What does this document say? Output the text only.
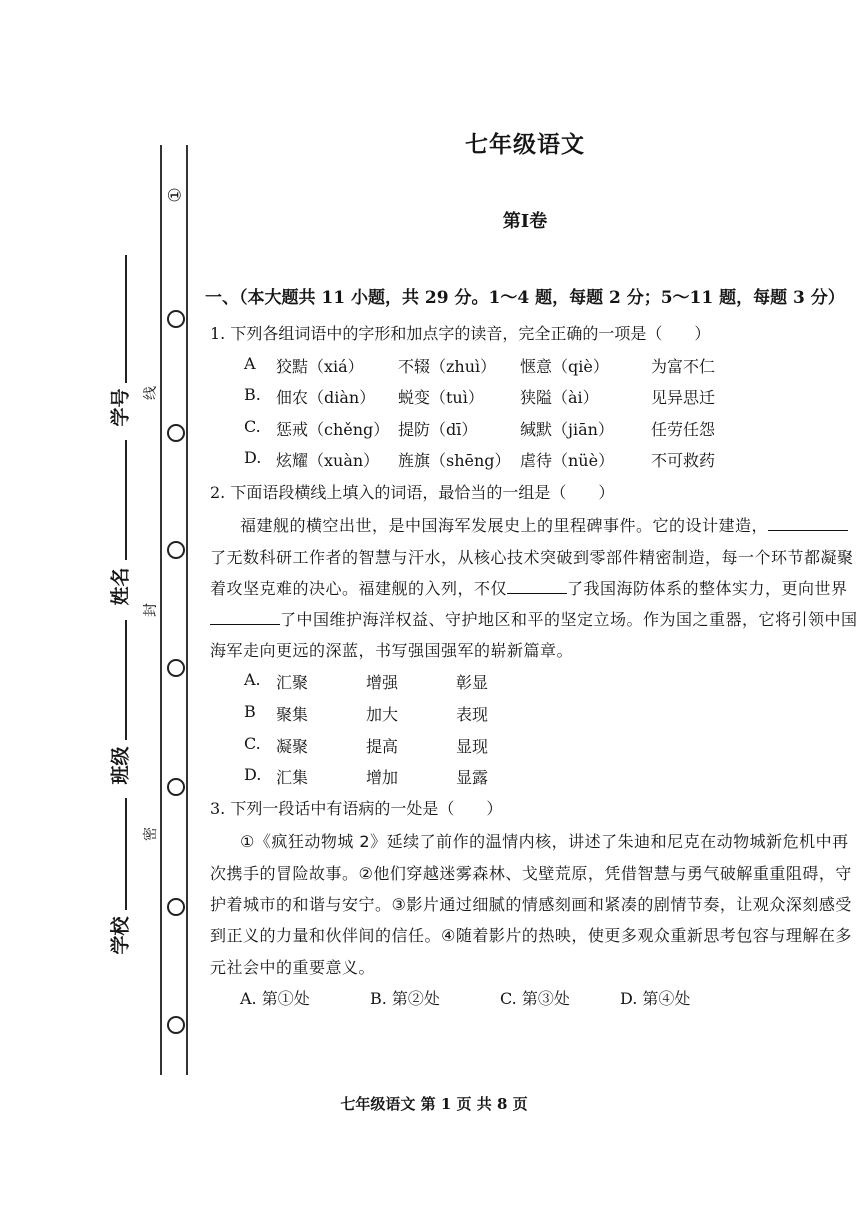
①
线
封
密
学号
姓名
班级
学校
七年级语文
第Ⅰ卷
一、（本大题共 11 小题，共 29 分。1～4 题，每题 2 分；5～11 题，每题 3 分）
1. 下列各组词语中的字形和加点字的读音，完全正确的一项是（　　）
A 狡黠（xiá） 不辍（zhuì） 惬意（qiè）	为富不仁
B. 佃农（diàn） 蜕变（tuì） 狭隘（ài）	见异思迁
C. 惩戒（chěng） 提防（dī）	缄默（jiān） 任劳任怨
D. 炫耀（xuàn） 旌旗（shēng） 虐待（nüè） 不可救药
2. 下面语段横线上填入的词语，最恰当的一组是（　　）
福建舰的横空出世，是中国海军发展史上的里程碑事件。它的设计建造，
了无数科研工作者的智慧与汗水，从核心技术突破到零部件精密制造，每一个环节都凝聚
着攻坚克难的决心。福建舰的入列，不仅	了我国海防体系的整体实力，更向世界
了中国维护海洋权益、守护地区和平的坚定立场。作为国之重器，它将引领中国
海军走向更远的深蓝，书写强国强军的崭新篇章。
A. 汇聚	增强	彰显
B 聚集	加大	表现
C. 凝聚	提高	显现
D. 汇集	增加	显露
3. 下列一段话中有语病的一处是（　　）
①《疯狂动物城 2》延续了前作的温情内核，讲述了朱迪和尼克在动物城新危机中再
次携手的冒险故事。②他们穿越迷雾森林、戈壁荒原，凭借智慧与勇气破解重重阻碍，守
护着城市的和谐与安宁。③影片通过细腻的情感刻画和紧凑的剧情节奏，让观众深刻感受
到正义的力量和伙伴间的信任。④随着影片的热映，使更多观众重新思考包容与理解在多
元社会中的重要意义。
A. 第①处	B. 第②处	C. 第③处	D. 第④处
七年级语文 第 1 页 共 8 页
